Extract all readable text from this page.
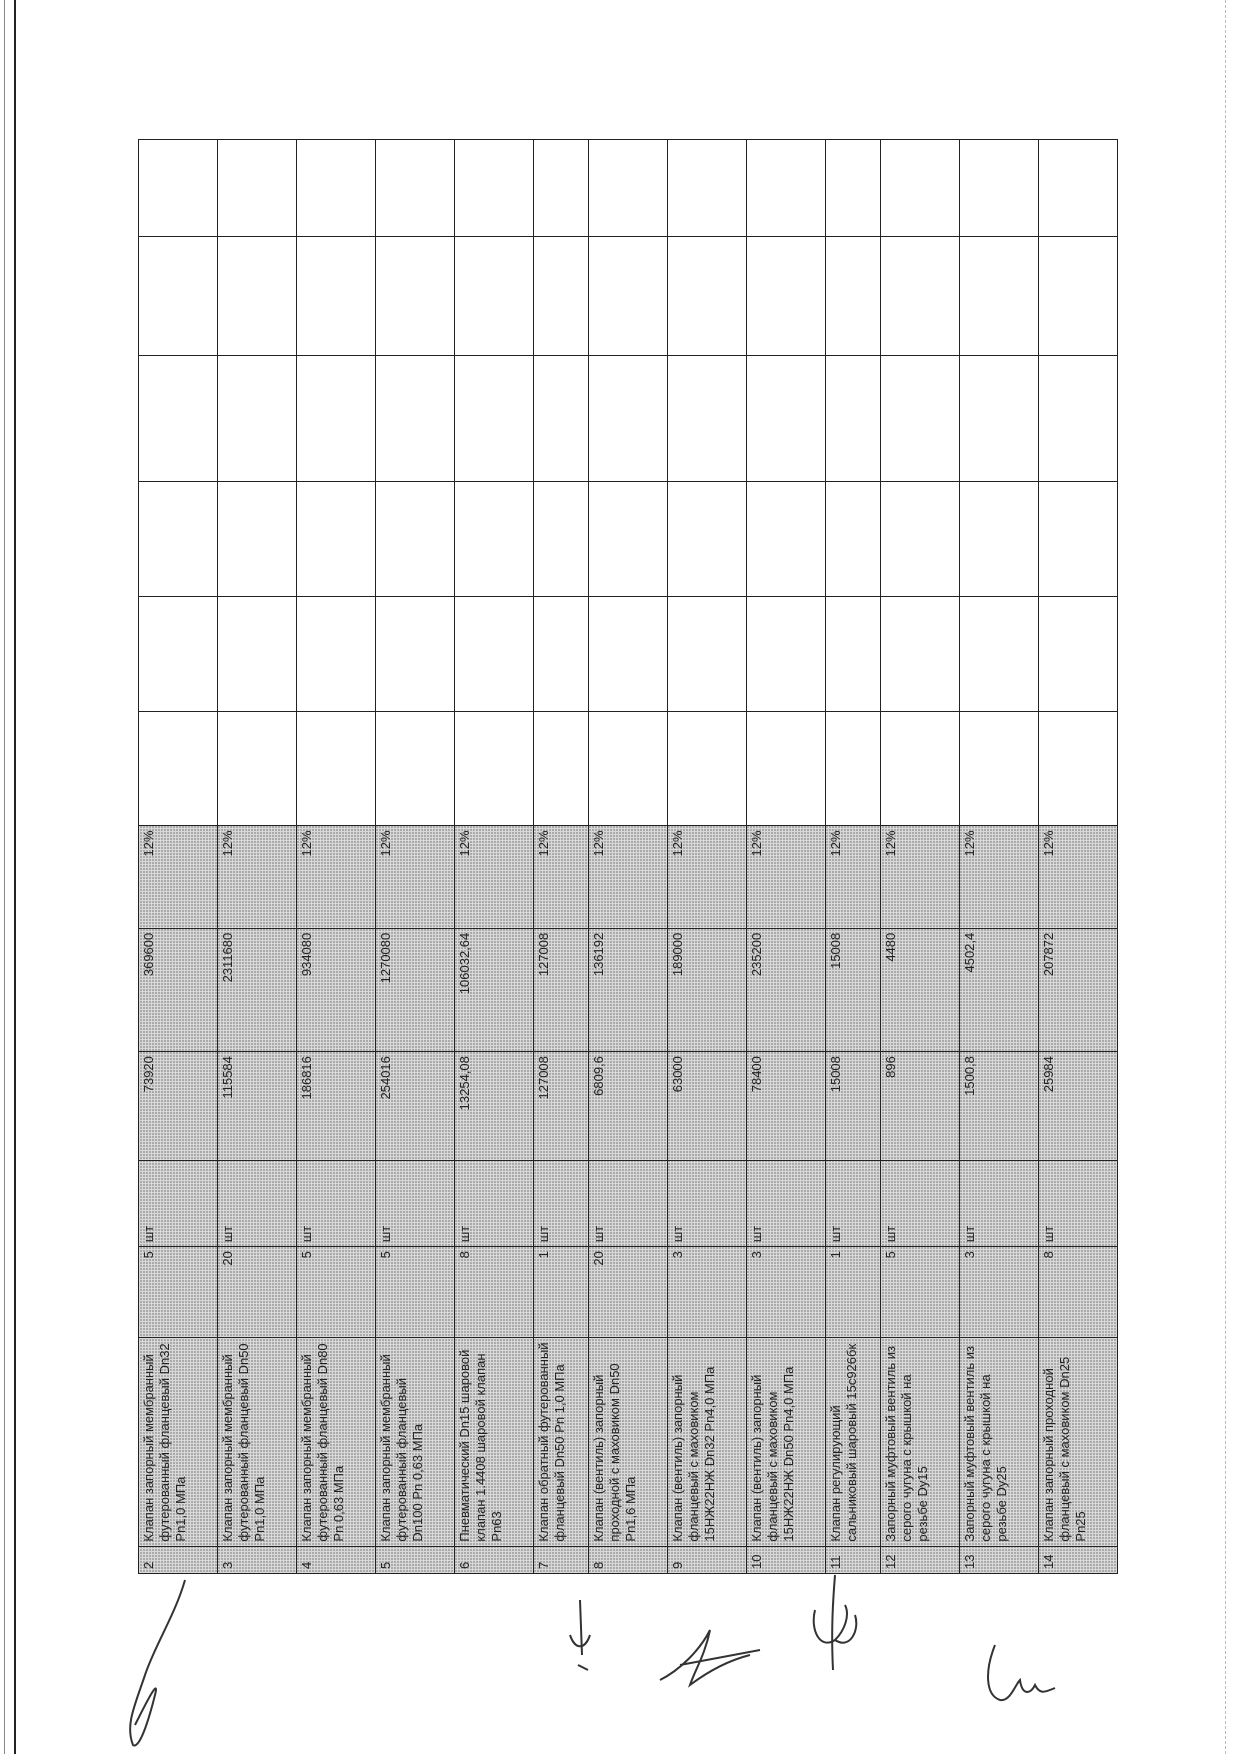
2	Клапан запорный мембранный футерованный фланцевый Dn32 Pn1,0 MПа	5	шт	73920	369600	12%						
3	Клапан запорный мембранный футерованный фланцевый Dn50 Pn1,0 MПа	20	шт	115584	2311680	12%						
4	Клапан запорный мембранный футерованный фланцевый Dn80 Pn 0,63 MПа	5	шт	186816	934080	12%						
5	Клапан запорный мембранный футерованный фланцевый Dn100 Pn 0,63 MПа	5	шт	254016	1270080	12%						
6	Пневматический Dn15 шаровой клапан 1.4408 шаровой клапан Pn63	8	шт	13254,08	106032,64	12%						
7	Клапан обратный футерованный фланцевый Dn50 Pn 1,0 MПа	1	шт	127008	127008	12%						
8	Клапан (вентиль) запорный проходной с маховиком Dn50 Pn1,6 MПа	20	шт	6809,6	136192	12%						
9	Клапан (вентиль) запорный фланцевый с маховиком 15НЖ22НЖ Dn32 Pn4,0 MПа	3	шт	63000	189000	12%						
10	Клапан (вентиль) запорный фланцевый с маховиком 15НЖ22НЖ Dn50 Pn4,0 MПа	3	шт	78400	235200	12%						
11	Клапан регулирующий сальниковый шаровый 15с926бк	1	шт	15008	15008	12%						
12	Запорный муфтовый вентиль из серого чугуна с крышкой на резьбе Dy15	5	шт	896	4480	12%						
13	Запорный муфтовый вентиль из серого чугуна с крышкой на резьбе Dy25	3	шт	1500,8	4502,4	12%						
14	Клапан запорный проходной фланцевый с маховиком Dn25 Pn25	8	шт	25984	207872	12%						
